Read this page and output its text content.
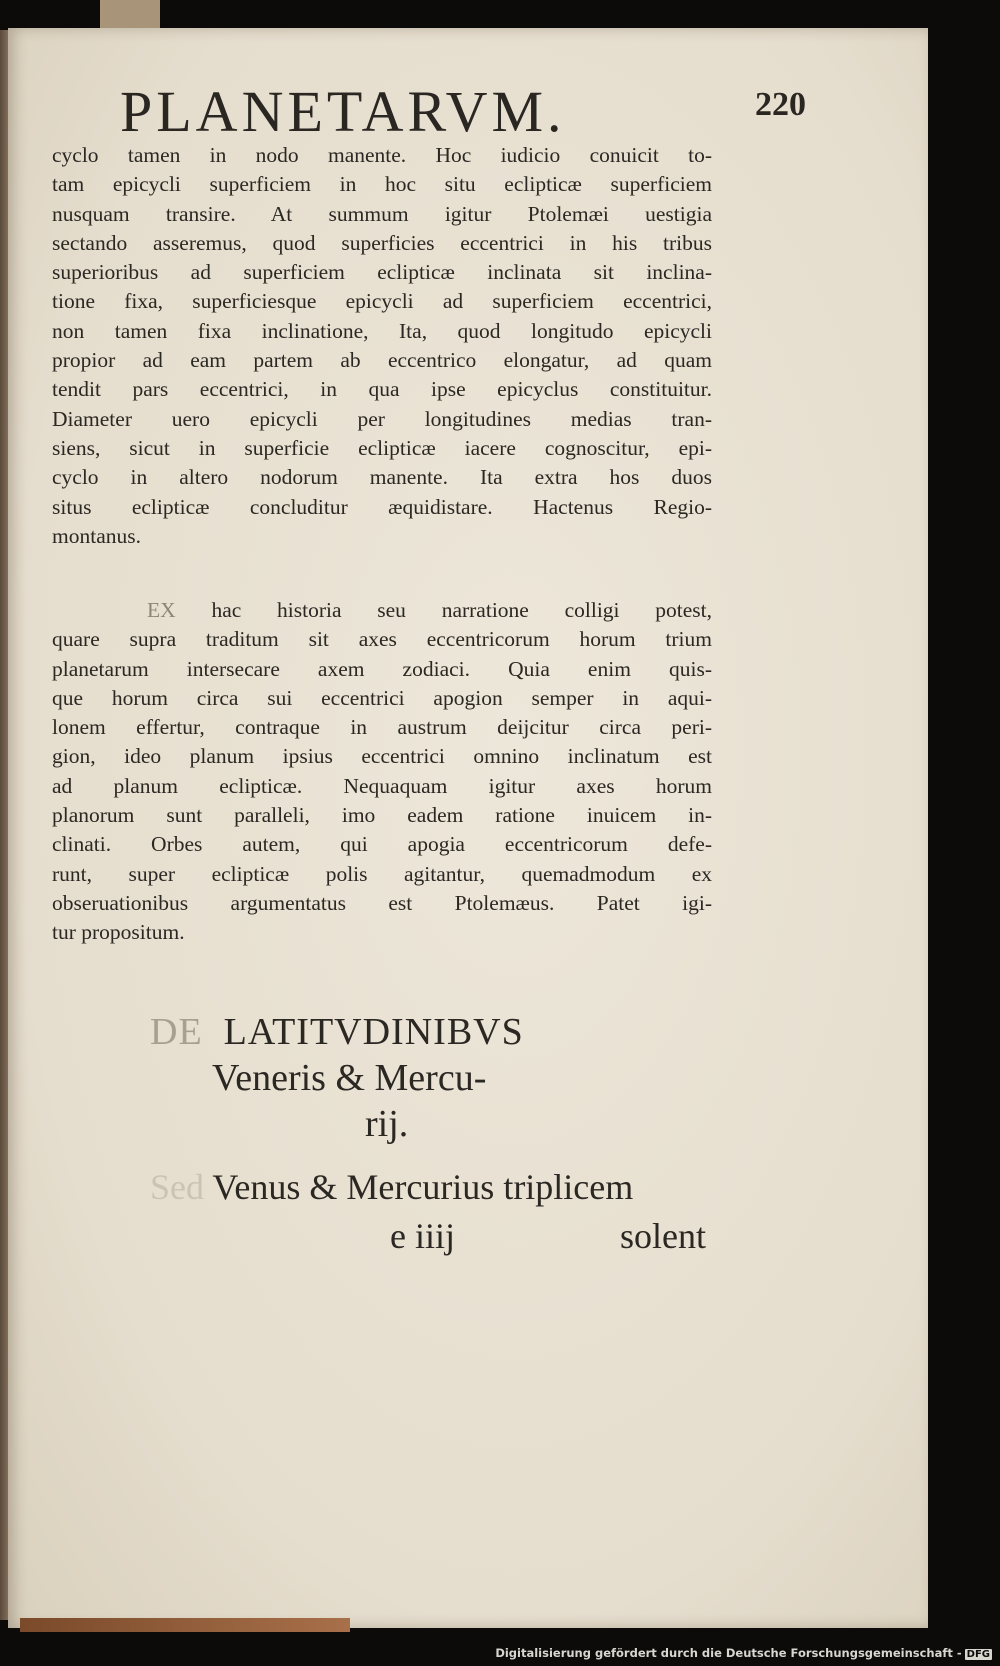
PLANETARVM.	220
cyclo tamen in nodo manente. Hoc iudicio conuicit to-
tam epicycli superficiem in hoc situ eclipticæ superficiem
nusquam transire. At summum igitur Ptolemæi uestigia
sectando asseremus, quod superficies eccentrici in his tribus
superioribus ad superficiem eclipticæ inclinata sit inclina-
tione fixa, superficiesque epicycli ad superficiem eccentrici,
non tamen fixa inclinatione, Ita, quod longitudo epicycli
propior ad eam partem ab eccentrico elongatur, ad quam
tendit pars eccentrici, in qua ipse epicyclus constituitur.
Diameter uero epicycli per longitudines medias tran-
siens, sicut in superficie eclipticæ iacere cognoscitur, epi-
cyclo in altero nodorum manente. Ita extra hos duos
situs eclipticæ concluditur æquidistare. Hactenus Regio-
montanus.
EX hac historia seu narratione colligi potest,
quare supra traditum sit axes eccentricorum horum trium
planetarum intersecare axem zodiaci. Quia enim quis-
que horum circa sui eccentrici apogion semper in aqui-
lonem effertur, contraque in austrum deijcitur circa peri-
gion, ideo planum ipsius eccentrici omnino inclinatum est
ad planum eclipticæ. Nequaquam igitur axes horum
planorum sunt paralleli, imo eadem ratione inuicem in-
clinati. Orbes autem, qui apogia eccentricorum defe-
runt, super eclipticæ polis agitantur, quemadmodum ex
obseruationibus argumentatus est Ptolemæus. Patet igi-
tur propositum.
DE LATITVDINIBVS
Veneris & Mercu-
rij.
Sed Venus & Mercurius triplicem
e iiij	solent
Digitalisierung gefördert durch die Deutsche Forschungsgemeinschaft - DFG
